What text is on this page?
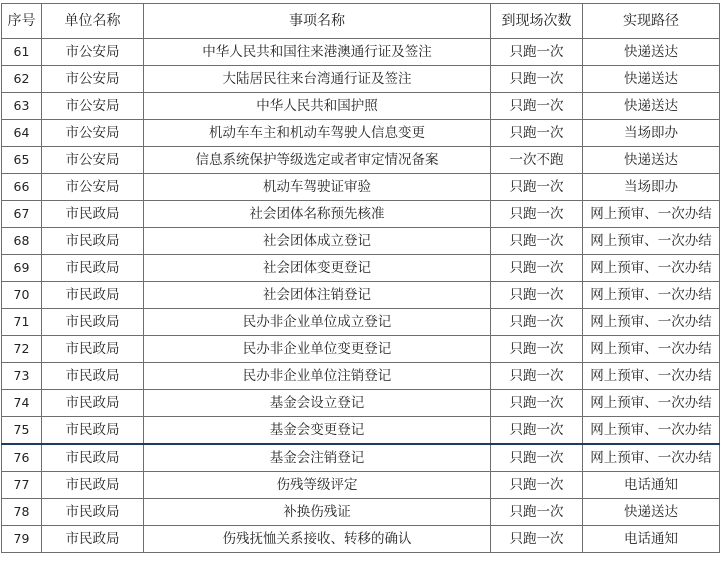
序号	单位名称	事项名称	到现场次数	实现路径
61	市公安局	中华人民共和国往来港澳通行证及签注	只跑一次	快递送达
62	市公安局	大陆居民往来台湾通行证及签注	只跑一次	快递送达
63	市公安局	中华人民共和国护照	只跑一次	快递送达
64	市公安局	机动车车主和机动车驾驶人信息变更	只跑一次	当场即办
65	市公安局	信息系统保护等级选定或者审定情况备案	一次不跑	快递送达
66	市公安局	机动车驾驶证审验	只跑一次	当场即办
67	市民政局	社会团体名称预先核准	只跑一次	网上预审、一次办结
68	市民政局	社会团体成立登记	只跑一次	网上预审、一次办结
69	市民政局	社会团体变更登记	只跑一次	网上预审、一次办结
70	市民政局	社会团体注销登记	只跑一次	网上预审、一次办结
71	市民政局	民办非企业单位成立登记	只跑一次	网上预审、一次办结
72	市民政局	民办非企业单位变更登记	只跑一次	网上预审、一次办结
73	市民政局	民办非企业单位注销登记	只跑一次	网上预审、一次办结
74	市民政局	基金会设立登记	只跑一次	网上预审、一次办结
75	市民政局	基金会变更登记	只跑一次	网上预审、一次办结
76	市民政局	基金会注销登记	只跑一次	网上预审、一次办结
77	市民政局	伤残等级评定	只跑一次	电话通知
78	市民政局	补换伤残证	只跑一次	快递送达
79	市民政局	伤残抚恤关系接收、转移的确认	只跑一次	电话通知
